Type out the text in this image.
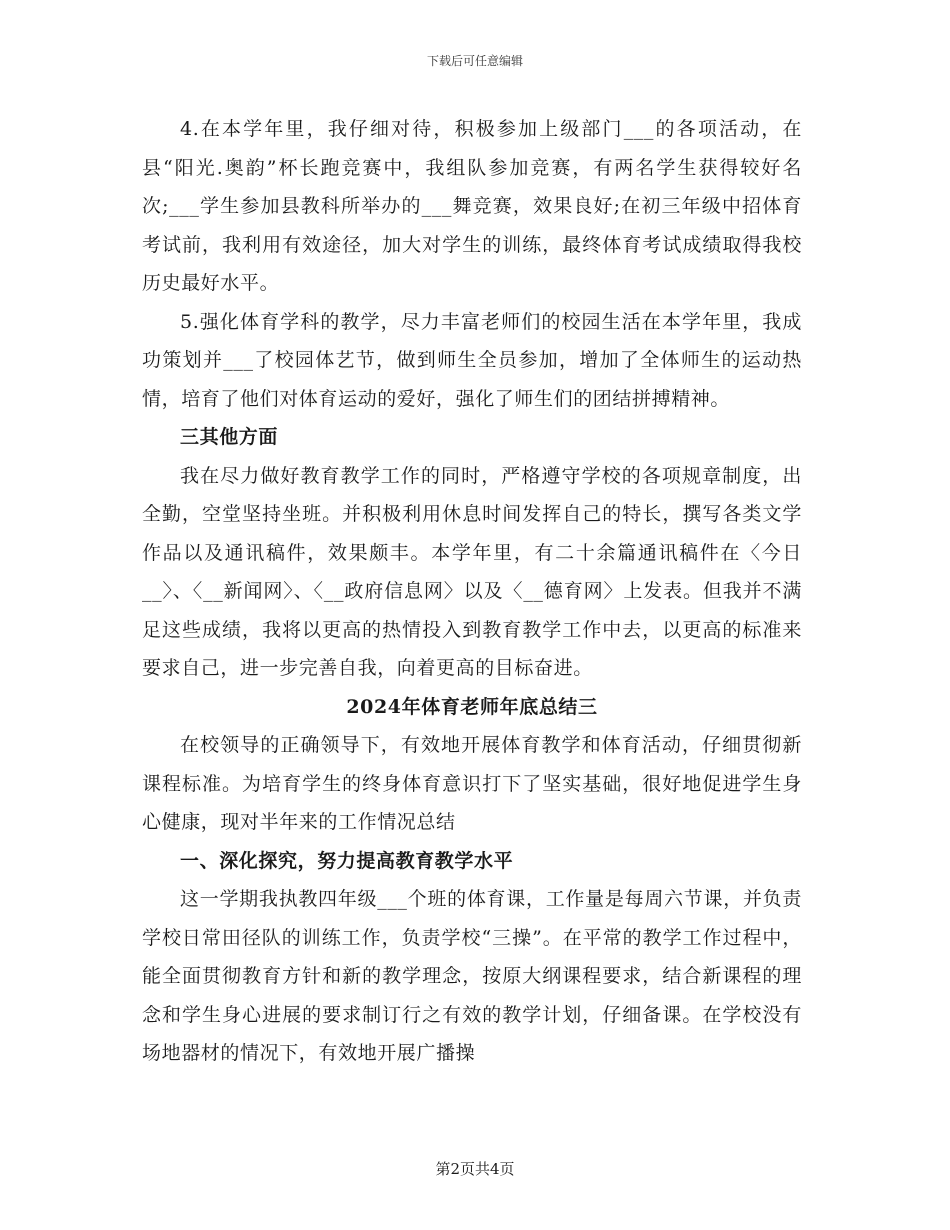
下载后可任意编辑

4.在本学年里，我仔细对待，积极参加上级部门___的各项活动，在县“阳光.奥韵”杯长跑竞赛中，我组队参加竞赛，有两名学生获得较好名次;___学生参加县教科所举办的___舞竞赛，效果良好;在初三年级中招体育考试前，我利用有效途径，加大对学生的训练，最终体育考试成绩取得我校历史最好水平。

5.强化体育学科的教学，尽力丰富老师们的校园生活在本学年里，我成功策划并___了校园体艺节，做到师生全员参加，增加了全体师生的运动热情，培育了他们对体育运动的爱好，强化了师生们的团结拼搏精神。

三其他方面

我在尽力做好教育教学工作的同时，严格遵守学校的各项规章制度，出全勤，空堂坚持坐班。并积极利用休息时间发挥自己的特长，撰写各类文学作品以及通讯稿件，效果颇丰。本学年里，有二十余篇通讯稿件在〈今日__〉、〈__新闻网〉、〈__政府信息网〉以及〈__德育网〉上发表。但我并不满足这些成绩，我将以更高的热情投入到教育教学工作中去，以更高的标准来要求自己，进一步完善自我，向着更高的目标奋进。

2024年体育老师年底总结三

在校领导的正确领导下，有效地开展体育教学和体育活动，仔细贯彻新课程标准。为培育学生的终身体育意识打下了坚实基础，很好地促进学生身心健康，现对半年来的工作情况总结

一、深化探究，努力提高教育教学水平

这一学期我执教四年级___个班的体育课，工作量是每周六节课，并负责学校日常田径队的训练工作，负责学校“三操”。在平常的教学工作过程中，能全面贯彻教育方针和新的教学理念，按原大纲课程要求，结合新课程的理念和学生身心进展的要求制订行之有效的教学计划，仔细备课。在学校没有场地器材的情况下，有效地开展广播操

第2页共4页
